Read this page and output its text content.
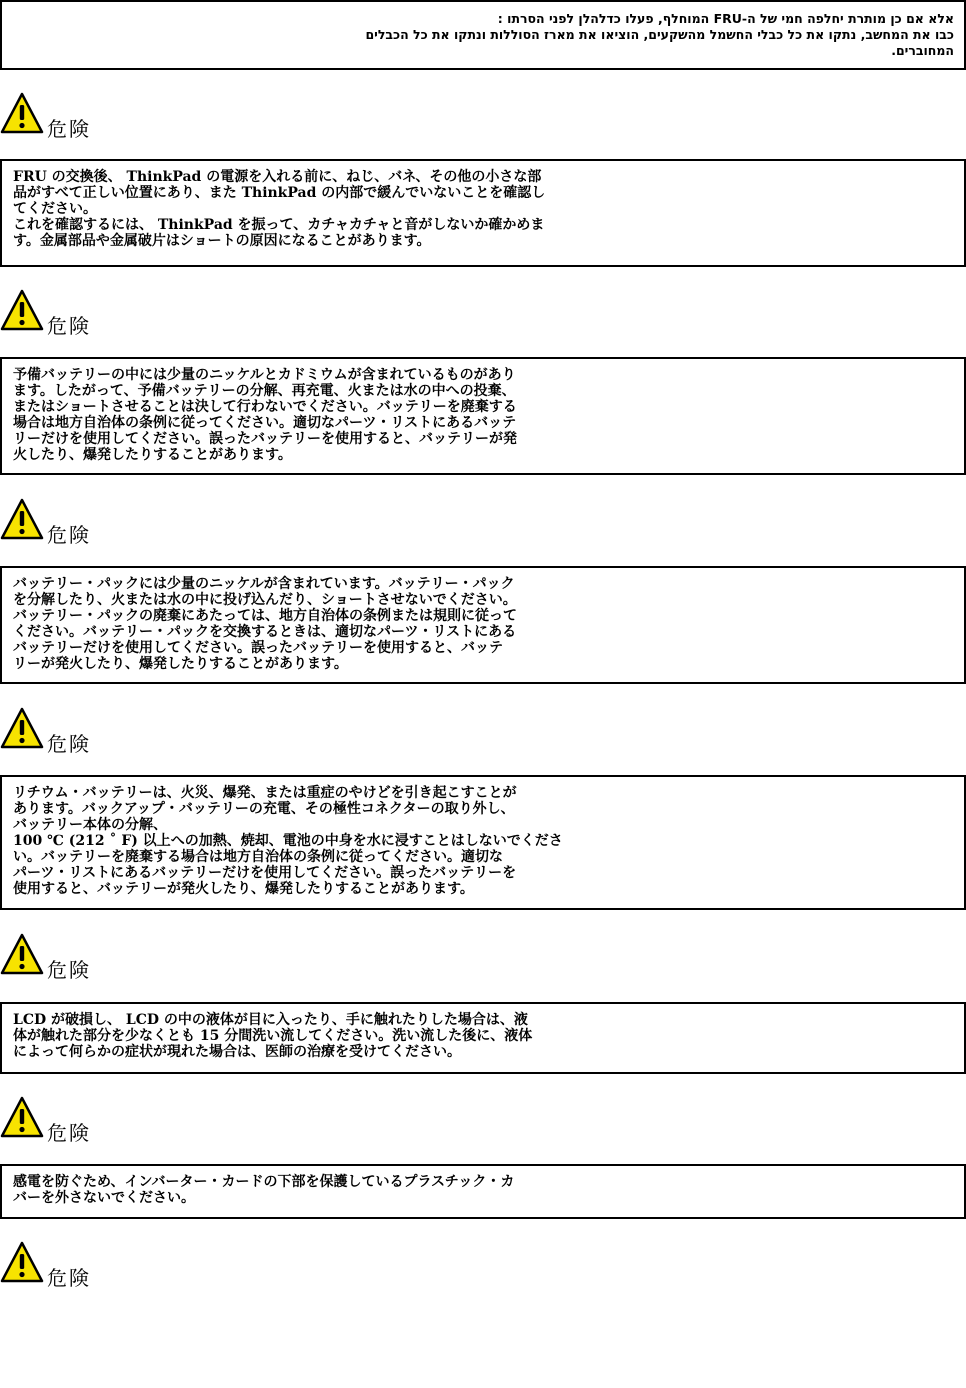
אלא אם כן מותרת יחלפה חמי של ה-FRU המוחלף, פעלו כדלהלן לפני הסרתו :
כבו את המחשב, נתקו את כל כבלי החשמל מהשקעים, הוציאו את מארז הסוללות ונתקו את כל הכבלים
המחוברים.
危険
FRU の交換後、 ThinkPad の電源を入れる前に、ねじ、バネ、その他の小さな部
品がすべて正しい位置にあり、また ThinkPad の内部で緩んでいないことを確認し
てください。
これを確認するには、 ThinkPad を振って、カチャカチャと音がしないか確かめま
す。金属部品や金属破片はショートの原因になることがあります。
危険
予備バッテリーの中には少量のニッケルとカドミウムが含まれているものがあり
ます。したがって、予備バッテリーの分解、再充電、火または水の中への投棄、
またはショートさせることは決して行わないでください。バッテリーを廃棄する
場合は地方自治体の条例に従ってください。適切なパーツ・リストにあるバッテ
リーだけを使用してください。誤ったバッテリーを使用すると、バッテリーが発
火したり、爆発したりすることがあります。
危険
バッテリー・パックには少量のニッケルが含まれています。バッテリー・パック
を分解したり、火または水の中に投げ込んだり、ショートさせないでください。
バッテリー・パックの廃棄にあたっては、地方自治体の条例または規則に従って
ください。バッテリー・パックを交換するときは、適切なパーツ・リストにある
バッテリーだけを使用してください。誤ったバッテリーを使用すると、バッテ
リーが発火したり、爆発したりすることがあります。
危険
リチウム・バッテリーは、火災、爆発、または重症のやけどを引き起こすことが
あります。バックアップ・バッテリーの充電、その極性コネクターの取り外し、
バッテリー本体の分解、
100 ℃ (212 ˚ F) 以上への加熱、焼却、電池の中身を水に浸すことはしないでくださ
い。バッテリーを廃棄する場合は地方自治体の条例に従ってください。適切な
パーツ・リストにあるバッテリーだけを使用してください。誤ったバッテリーを
使用すると、バッテリーが発火したり、爆発したりすることがあります。
危険
LCD が破損し、 LCD の中の液体が目に入ったり、手に触れたりした場合は、液
体が触れた部分を少なくとも 15 分間洗い流してください。洗い流した後に、液体
によって何らかの症状が現れた場合は、医師の治療を受けてください。
危険
感電を防ぐため、インバーター・カードの下部を保護しているプラスチック・カ
バーを外さないでください。
危険
